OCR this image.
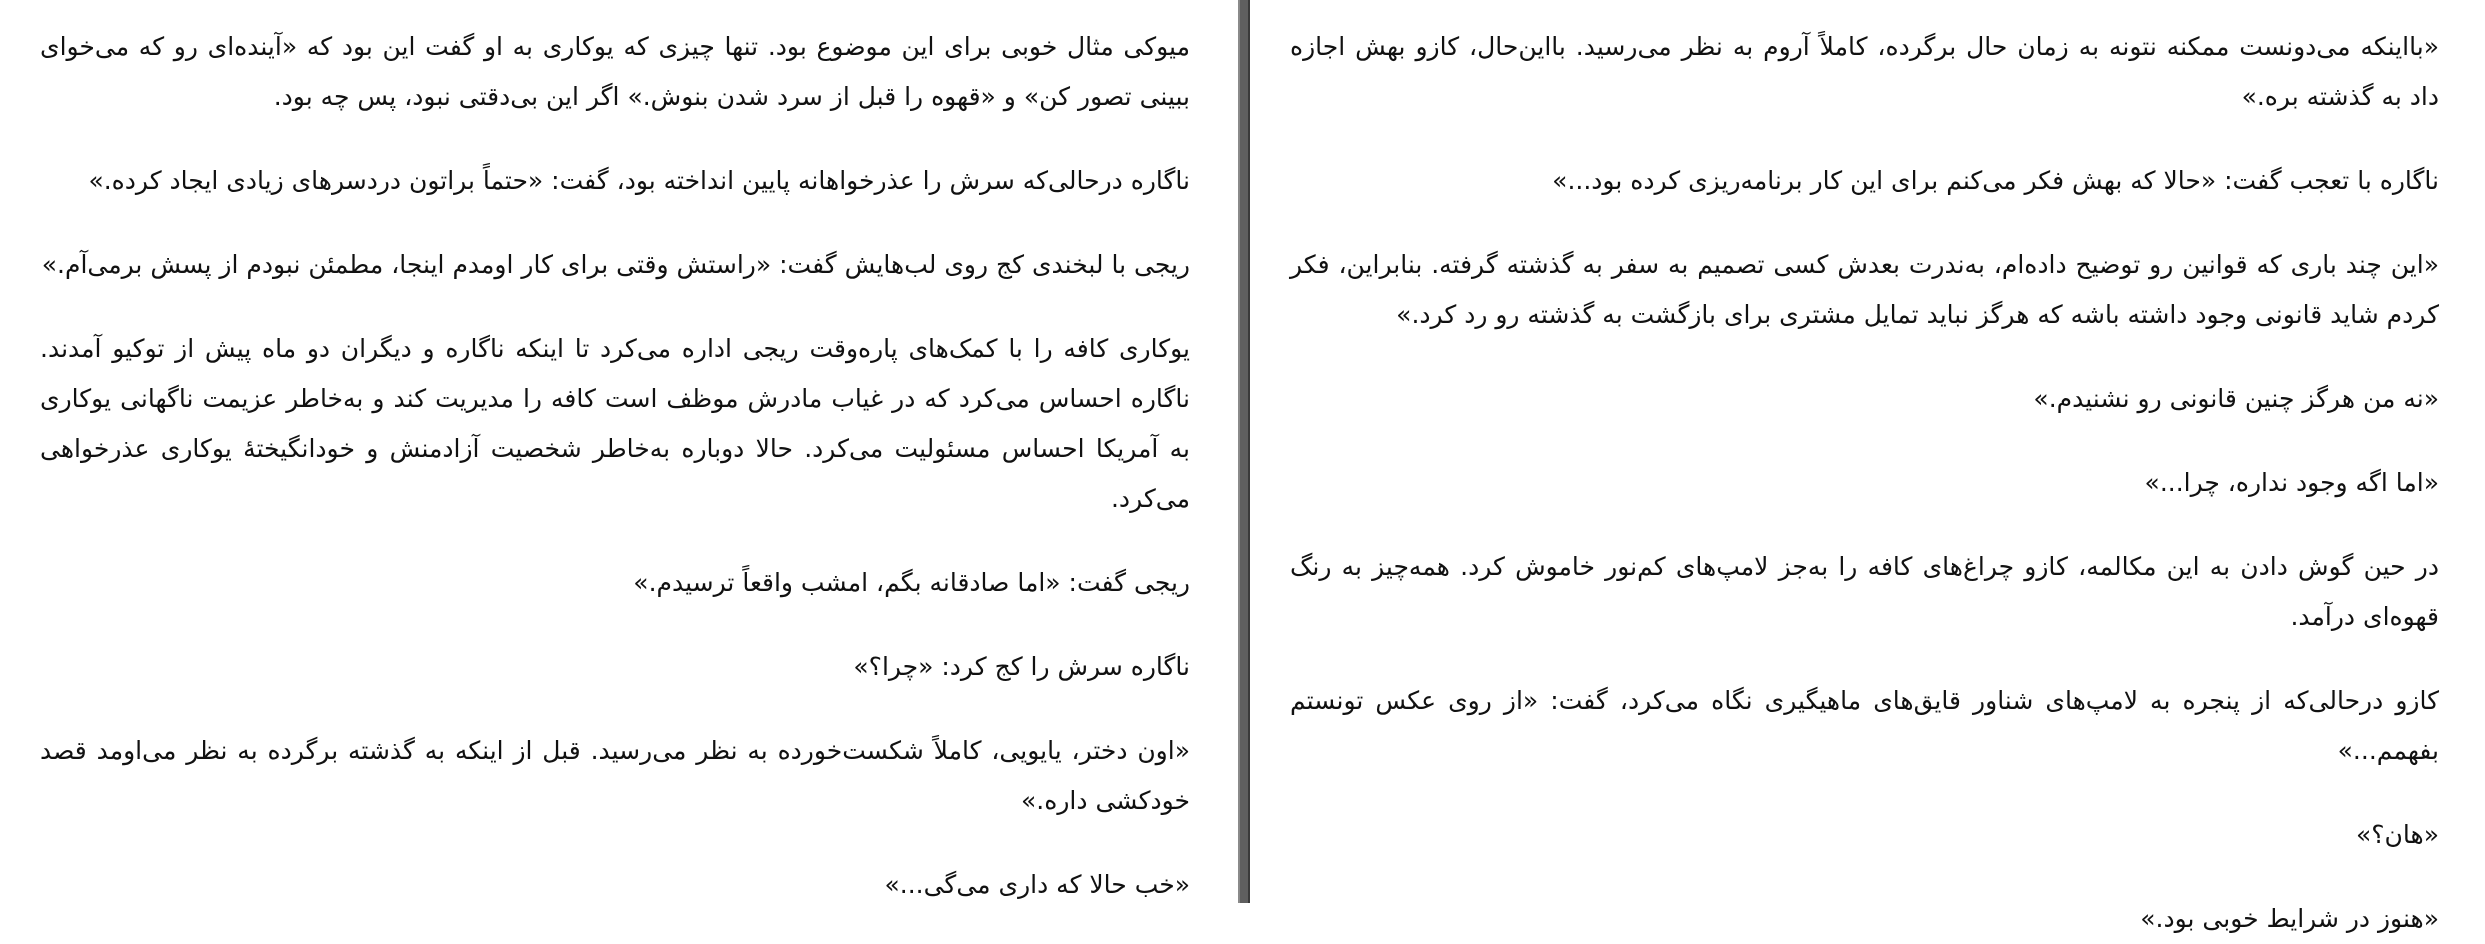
میوکی مثال خوبی برای این موضوع بود. تنها چیزی که یوکاری به او گفت این بود که «آینده‌ای رو که می‌خوای ببینی تصور کن» و «قهوه را قبل از سرد شدن بنوش.» اگر این بی‌دقتی نبود، پس چه بود.

ناگاره درحالی‌که سرش را عذرخواهانه پایین انداخته بود، گفت: «حتماً براتون دردسرهای زیادی ایجاد کرده.»

ریجی با لبخندی کج روی لب‌هایش گفت: «راستش وقتی برای کار اومدم اینجا، مطمئن نبودم از پسش برمی‌آم.»

یوکاری کافه را با کمک‌های پاره‌وقت ریجی اداره می‌کرد تا اینکه ناگاره و دیگران دو ماه پیش از توکیو آمدند. ناگاره احساس می‌کرد که در غیاب مادرش موظف است کافه را مدیریت کند و به‌خاطر عزیمت ناگهانی یوکاری به آمریکا احساس مسئولیت می‌کرد. حالا دوباره به‌خاطر شخصیت آزادمنش و خودانگیختهٔ یوکاری عذرخواهی می‌کرد.

ریجی گفت: «اما صادقانه بگم، امشب واقعاً ترسیدم.»

ناگاره سرش را کج کرد: «چرا؟»

«اون دختر، یایویی، کاملاً شکست‌خورده به نظر می‌رسید. قبل از اینکه به گذشته برگرده به نظر می‌اومد قصد خودکشی داره.»

«خب حالا که داری می‌گی...»

«بااینکه می‌دونست ممکنه نتونه به زمان حال برگرده، کاملاً آروم به نظر می‌رسید. بااین‌حال، کازو بهش اجازه داد به گذشته بره.»

ناگاره با تعجب گفت: «حالا که بهش فکر می‌کنم برای این کار برنامه‌ریزی کرده بود...»

«این چند باری که قوانین رو توضیح داده‌ام، به‌ندرت بعدش کسی تصمیم به سفر به گذشته گرفته. بنابراین، فکر کردم شاید قانونی وجود داشته باشه که هرگز نباید تمایل مشتری برای بازگشت به گذشته رو رد کرد.»

«نه من هرگز چنین قانونی رو نشنیدم.»

«اما اگه وجود نداره، چرا...»

در حین گوش دادن به این مکالمه، کازو چراغ‌های کافه را به‌جز لامپ‌های کم‌نور خاموش کرد. همه‌چیز به رنگ قهوه‌ای درآمد.

کازو درحالی‌که از پنجره به لامپ‌های شناور قایق‌های ماهیگیری نگاه می‌کرد، گفت: «از روی عکس تونستم بفهمم...»

«هان؟»

«هنوز در شرایط خوبی بود.»
